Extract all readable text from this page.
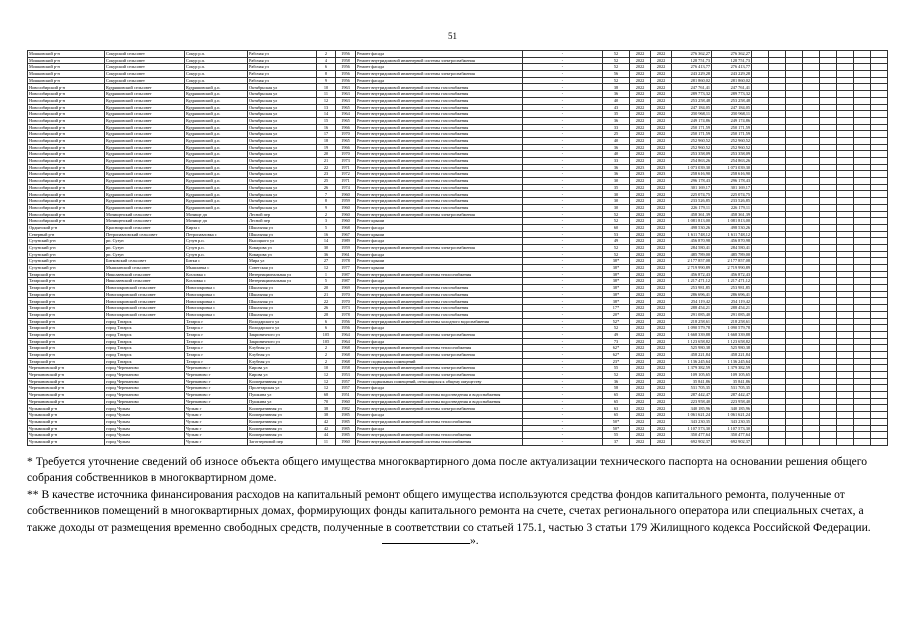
51
Мошковский р-н	Сокурский сельсовет	Сокур р.п.	Рабочая ул	2	1956	Ремонт фасада	-	52	2022	2022	276 362,27	276 362,27								
Мошковский р-н	Сокурский сельсовет	Сокур р.п.	Рабочая ул	4	1958	Ремонт внутридомовой инженерной системы электроснабжения	-	52	2022	2022	128 751,73	128 751,73								
Мошковский р-н	Сокурский сельсовет	Сокур р.п.	Рабочая ул	6	1956	Ремонт фасада	-	52	2022	2022	276 413,77	276 413,77								
Мошковский р-н	Сокурский сельсовет	Сокур р.п.	Рабочая ул	8	1956	Ремонт внутридомовой инженерной системы электроснабжения	-	56	2022	2022	243 229,28	243 229,28								
Мошковский р-н	Сокурский сельсовет	Сокур р.п.	Рабочая ул	9	1956	Ремонт фасада	-	52	2022	2022	281 860,02	281 860,02								
Новосибирский р-н	Кудряшовский сельсовет	Кудряшовский д.п.	Октябрьская ул	10	1963	Ремонт внутридомовой инженерной системы газоснабжения	-	38	2022	2022	247 761,41	247 761,41								
Новосибирский р-н	Кудряшовский сельсовет	Кудряшовский д.п.	Октябрьская ул	11	1963	Ремонт внутридомовой инженерной системы газоснабжения	-	36	2022	2022	289 773,32	289 773,32								
Новосибирский р-н	Кудряшовский сельсовет	Кудряшовский д.п.	Октябрьская ул	12	1963	Ремонт внутридомовой инженерной системы газоснабжения	-	40	2022	2022	253 258,48	253 258,48								
Новосибирский р-н	Кудряшовский сельсовет	Кудряшовский д.п.	Октябрьская ул	13	1965	Ремонт внутридомовой инженерной системы газоснабжения	-	43	2022	2022	247 184,05	247 184,05								
Новосибирский р-н	Кудряшовский сельсовет	Кудряшовский д.п.	Октябрьская ул	14	1964	Ремонт внутридомовой инженерной системы газоснабжения	-	35	2022	2022	250 968,11	250 968,11								
Новосибирский р-н	Кудряшовский сельсовет	Кудряшовский д.п.	Октябрьская ул	15	1965	Ремонт внутридомовой инженерной системы газоснабжения	-	36	2022	2022	249 174,86	249 174,86								
Новосибирский р-н	Кудряшовский сельсовет	Кудряшовский д.п.	Октябрьская ул	16	1966	Ремонт внутридомовой инженерной системы газоснабжения	-	33	2022	2022	250 171,59	250 171,59								
Новосибирский р-н	Кудряшовский сельсовет	Кудряшовский д.п.	Октябрьская ул	17	1970	Ремонт внутридомовой инженерной системы газоснабжения	-	25	2022	2022	250 171,59	250 171,59								
Новосибирский р-н	Кудряшовский сельсовет	Кудряшовский д.п.	Октябрьская ул	18	1965	Ремонт внутридомовой инженерной системы газоснабжения	-	40	2022	2022	252 960,52	252 960,52								
Новосибирский р-н	Кудряшовский сельсовет	Кудряшовский д.п.	Октябрьская ул	19	1966	Ремонт внутридомовой инженерной системы газоснабжения	-	36	2022	2022	252 960,52	252 960,52								
Новосибирский р-н	Кудряшовский сельсовет	Кудряшовский д.п.	Октябрьская ул	20	1970	Ремонт внутридомовой инженерной системы газоснабжения	-	40	2022	2022	253 358,09	253 358,09								
Новосибирский р-н	Кудряшовский сельсовет	Кудряшовский д.п.	Октябрьская ул	21	1973	Ремонт внутридомовой инженерной системы газоснабжения	-	33	2022	2022	254 863,26	254 863,26								
Новосибирский р-н	Кудряшовский сельсовет	Кудряшовский д.п.	Октябрьская ул	22	1971	Ремонт внутридомовой инженерной системы газоснабжения	-	36	2023	2023	1 073 039,30	1 073 039,30								
Новосибирский р-н	Кудряшовский сельсовет	Кудряшовский д.п.	Октябрьская ул	23	1972	Ремонт внутридомовой инженерной системы газоснабжения	-	36	2023	2023	258 616,90	258 616,90								
Новосибирский р-н	Кудряшовский сельсовет	Кудряшовский д.п.	Октябрьская ул	25	1971	Ремонт внутридомовой инженерной системы газоснабжения	-	30	2022	2022	296 178,43	296 178,43								
Новосибирский р-н	Кудряшовский сельсовет	Кудряшовский д.п.	Октябрьская ул	26	1974	Ремонт внутридомовой инженерной системы газоснабжения	-	35	2022	2022	301 169,17	301 169,17								
Новосибирский р-н	Кудряшовский сельсовет	Кудряшовский д.п.	Октябрьская ул	7	1960	Ремонт внутридомовой инженерной системы газоснабжения	-	30	2022	2022	225 074,75	225 074,75								
Новосибирский р-н	Кудряшовский сельсовет	Кудряшовский д.п.	Октябрьская ул	8	1959	Ремонт внутридомовой инженерной системы газоснабжения	-	30	2022	2022	233 526,85	233 526,85								
Новосибирский р-н	Кудряшовский сельсовет	Кудряшовский д.п.	Октябрьская ул	9	1960	Ремонт внутридомовой инженерной системы газоснабжения	-	30	2022	2022	226 179,11	226 179,11								
Новосибирский р-н	Мочищенский сельсовет	Мочище дп	Лесной пер	2	1960	Ремонт внутридомовой инженерной системы электроснабжения	-	52	2022	2022	458 361,39	458 361,39								
Новосибирский р-н	Мочищенский сельсовет	Мочище дп	Лесной пер	3	1960	Ремонт крыши	-	52	2022	2022	1 081 813,00	1 081 813,00								
Ордынский р-н	Красноярский сельсовет	Кирза с	Школьная ул	5	1968	Ремонт фасада	-	60	2022	2022	498 530,26	498 530,26								
Северный р-н	Петропавловский сельсовет	Петропавловка с	Школьная ул	16	1967	Ремонт крыши	-	53	2022	2022	1 611 748,12	1 611 748,12								
Сузунский р-н	рп. Сузун	Сузун р.п.	Высоцкого ул	14	1989	Ремонт фасада	-	49	2022	2022	456 870,98	456 870,98								
Сузунский р-н	рп. Сузун	Сузун р.п.	Комарова ул	30	1959	Ремонт внутридомовой инженерной системы электроснабжения	-	52	2022	2022	284 580,41	284 580,41								
Сузунский р-н	рп. Сузун	Сузун р.п.	Комарова ул	36	1961	Ремонт фасада	-	52	2022	2022	485 789,00	485 789,00								
Сузунский р-н	Битковский сельсовет	Битки с	Мира ул	27	1978	Ремонт крыши	-	38*	2022	2022	2 177 857,08	2 177 857,08								
Сузунский р-н	Мышланский сельсовет	Мышланка с	Советская ул	12	1977	Ремонт крыши	-	38*	2022	2022	2 719 990,89	2 719 990,89								
Татарский р-н	Николаевский сельсовет	Козловка с	Интернациональная ул	1	1987	Ремонт внутридомовой инженерной системы теплоснабжения	-	38*	2022	2022	456 872,43	456 872,43								
Татарский р-н	Николаевский сельсовет	Козловка с	Интернациональная ул	5	1987	Ремонт фасада	-	38*	2022	2022	1 217 471,12	1 217 471,12								
Татарский р-н	Новопокровский сельсовет	Новопокровка с	Школьная ул	20	1969	Ремонт внутридомовой инженерной системы газоснабжения	-	38*	2022	2022	253 981,85	253 981,85								
Татарский р-н	Новопокровский сельсовет	Новопокровка с	Школьная ул	21	1970	Ремонт внутридомовой инженерной системы газоснабжения	-	38*	2022	2022	286 696,41	286 696,41								
Татарский р-н	Новопокровский сельсовет	Новопокровка с	Школьная ул	22	1970	Ремонт внутридомовой инженерной системы газоснабжения	-	38*	2022	2022	254 119,42	254 119,42								
Татарский р-н	Новопокровский сельсовет	Новопокровка с	Школьная ул	26	1973	Ремонт внутридомовой инженерной системы газоснабжения	-	17*	2022	2022	288 454,21	288 454,21								
Татарский р-н	Новопокровский сельсовет	Новопокровка с	Школьная ул	28	1978	Ремонт внутридомовой инженерной системы газоснабжения	-	20*	2022	2022	291 085,40	291 085,40								
Татарский р-н	город Татарск	Татарск г	Володарского ул	6	1956	Ремонт внутридомовой инженерной системы холодного водоснабжения	-	52*	2022	2022	218 258,61	218 258,61								
Татарский р-н	город Татарск	Татарск г	Володарского ул	6	1956	Ремонт фасада	-	52	2022	2022	1 090 579,78	1 090 579,78								
Татарский р-н	город Татарск	Татарск г	Закриничного ул	105	1964	Ремонт внутридомовой инженерной системы электроснабжения	-	49	2022	2022	1 668 339,88	1 668 339,88								
Татарский р-н	город Татарск	Татарск г	Закриничного ул	105	1964	Ремонт фасада	-	73	2022	2022	1 123 658,82	1 123 658,82								
Татарский р-н	город Татарск	Татарск г	Клубная ул	2	1968	Ремонт внутридомовой инженерной системы теплоснабжения	-	62*	2022	2022	525 980,38	525 980,38								
Татарский р-н	город Татарск	Татарск г	Клубная ул	2	1968	Ремонт внутридомовой инженерной системы электроснабжения	-	62*	2022	2022	458 221,84	458 221,84								
Татарский р-н	город Татарск	Татарск г	Клубная ул	2	1968	Ремонт подвальных помещений	-	23*	2022	2022	1 136 245,64	1 136 245,64								
Черепановский р-н	город Черепаново	Черепаново г	Кирова ул	10	1958	Ремонт внутридомовой инженерной системы электроснабжения	-	55	2022	2022	1 379 382,59	1 379 382,59								
Черепановский р-н	город Черепаново	Черепаново г	Кирова ул	12	1953	Ремонт внутридомовой инженерной системы электроснабжения	-	52	2022	2022	109 105,65	109 105,65								
Черепановский р-н	город Черепаново	Черепаново г	Кооперативная ул	12	1957	Ремонт подвальных помещений, относящихся к общему имуществу	-	36	2022	2022	35 841,86	35 841,86								
Черепановский р-н	город Черепаново	Черепаново г	Пролетарская ул	12	1957	Ремонт фасада	-	58	2022	2022	531 705,35	531 705,35								
Черепановский р-н	город Черепаново	Черепаново г	Пушкина ул	68	1951	Ремонт внутридомовой инженерной системы водоотведения и водоснабжения	-	65	2022	2022	287 442,47	287 442,47								
Черепановский р-н	город Черепаново	Черепаново г	Пушкина ул	70	1960	Ремонт внутридомовой инженерной системы водоотведения и водоснабжения	-	65	2022	2022	223 958,40	223 958,40								
Чулымский р-н	город Чулым	Чулым г	Кооперативная ул	38	1982	Ремонт внутридомовой инженерной системы электроснабжения	-	63	2022	2022	340 185,96	340 185,96								
Чулымский р-н	город Чулым	Чулым г	Кооперативная ул	38	1985	Ремонт фасада	-	65	2022	2022	1 061 621,24	1 061 621,24								
Чулымский р-н	город Чулым	Чулым г	Кооперативная ул	42	1985	Ремонт внутридомовой инженерной системы теплоснабжения	-	50*	2022	2022	343 230,35	343 230,35								
Чулымский р-н	город Чулым	Чулым г	Кооперативная ул	42	1985	Ремонт фасада	-	50*	2022	2022	1 107 573,30	1 107 573,30								
Чулымский р-н	город Чулым	Чулым г	Кооперативная ул	44	1985	Ремонт внутридомовой инженерной системы теплоснабжения	-	55	2022	2022	350 477,64	350 477,64								
Чулымский р-н	город Чулым	Чулым г	Заготзерновой пер	11	1960	Ремонт внутридомовой инженерной системы теплоснабжения	-	37	2022	2022	692 902,37	692 902,37								

* Требуется уточнение сведений об износе объекта общего имущества многоквартирного дома после актуализации технического паспорта на основании решения общего собрания собственников в многоквартирном доме.

** В качестве источника финансирования расходов на капитальный ремонт общего имущества используются средства фондов капитального ремонта, полученные от собственников помещений в многоквартирных домах, формирующих фонды капитального ремонта на счете, счетах регионального оператора или специальных счетах, а также доходы от размещения временно свободных средств, полученные в соответствии со статьей 175.1, частью 3 статьи 179 Жилищного кодекса Российской Федерации.

».
